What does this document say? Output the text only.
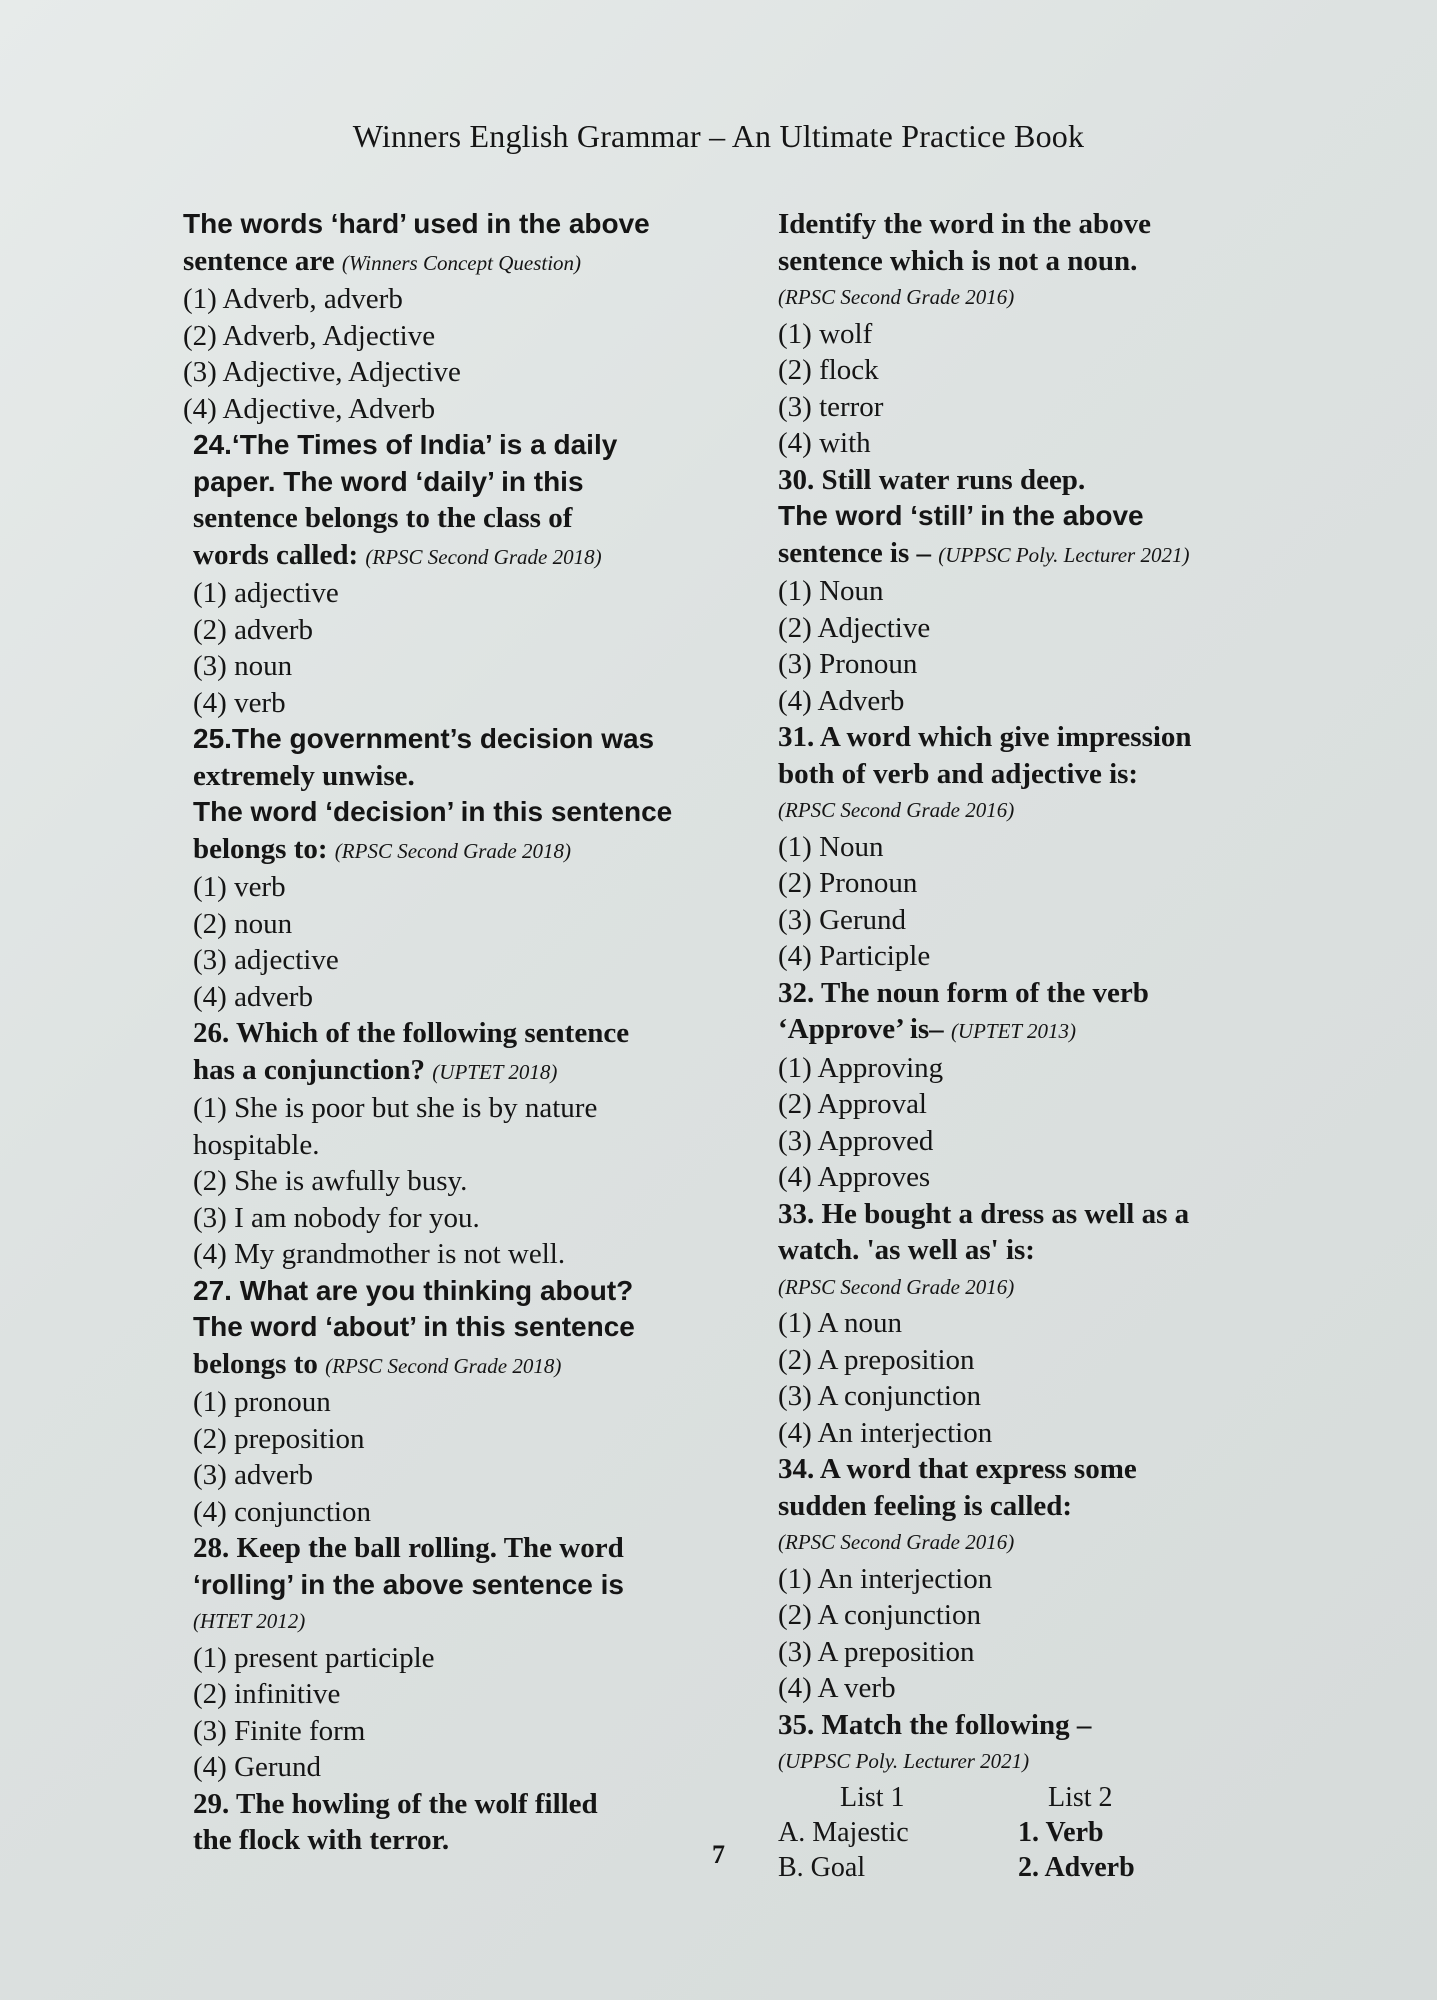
Winners English Grammar – An Ultimate Practice Book
The words ‘hard’ used in the above
sentence are (Winners Concept Question)
(1) Adverb, adverb
(2) Adverb, Adjective
(3) Adjective, Adjective
(4) Adjective, Adverb
24.‘The Times of India’ is a daily
paper. The word ‘daily’ in this
sentence belongs to the class of
words called: (RPSC Second Grade 2018)
(1) adjective
(2) adverb
(3) noun
(4) verb
25.The government’s decision was
extremely unwise.
The word ‘decision’ in this sentence
belongs to: (RPSC Second Grade 2018)
(1) verb
(2) noun
(3) adjective
(4) adverb
26. Which of the following sentence
has a conjunction? (UPTET 2018)
(1) She is poor but she is by nature
hospitable.
(2) She is awfully busy.
(3) I am nobody for you.
(4) My grandmother is not well.
27. What are you thinking about?
The word ‘about’ in this sentence
belongs to (RPSC Second Grade 2018)
(1) pronoun
(2) preposition
(3) adverb
(4) conjunction
28. Keep the ball rolling. The word
‘rolling’ in the above sentence is
(HTET 2012)
(1) present participle
(2) infinitive
(3) Finite form
(4) Gerund
29. The howling of the wolf filled
the flock with terror.
Identify the word in the above
sentence which is not a noun.
(RPSC Second Grade 2016)
(1) wolf
(2) flock
(3) terror
(4) with
30. Still water runs deep.
The word ‘still’ in the above
sentence is – (UPPSC Poly. Lecturer 2021)
(1) Noun
(2) Adjective
(3) Pronoun
(4) Adverb
31. A word which give impression
both of verb and adjective is:
(RPSC Second Grade 2016)
(1) Noun
(2) Pronoun
(3) Gerund
(4) Participle
32. The noun form of the verb
‘Approve’ is– (UPTET 2013)
(1) Approving
(2) Approval
(3) Approved
(4) Approves
33. He bought a dress as well as a
watch. 'as well as' is:
(RPSC Second Grade 2016)
(1) A noun
(2) A preposition
(3) A conjunction
(4) An interjection
34. A word that express some
sudden feeling is called:
(RPSC Second Grade 2016)
(1) An interjection
(2) A conjunction
(3) A preposition
(4) A verb
35. Match the following –
(UPPSC Poly. Lecturer 2021)
List 1	List 2
A. Majestic	1. Verb
B. Goal	2. Adverb
7
